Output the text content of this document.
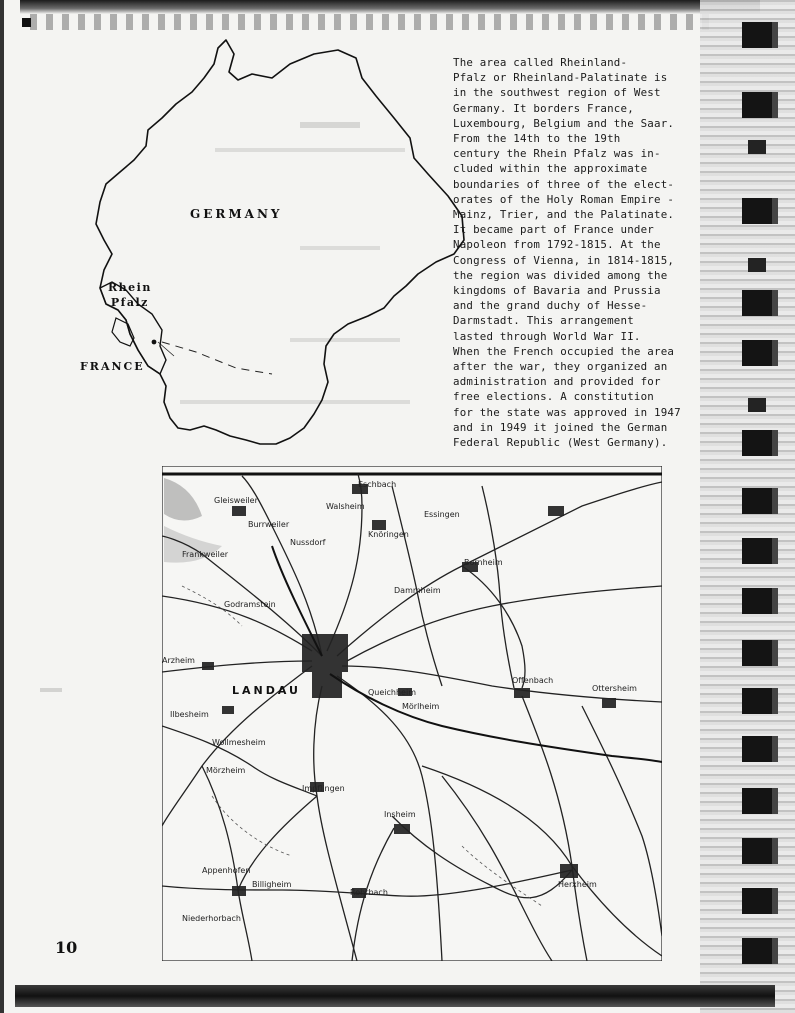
GERMANY
Rhein
Pfalz
FRANCE
The area called Rheinland-
Pfalz or Rheinland-Palatinate is
in the southwest region of West
Germany. It borders France,
Luxembourg, Belgium and the Saar.
From the 14th to the 19th
century the Rhein Pfalz was in-
cluded within the approximate
boundaries of three of the elect-
orates of the Holy Roman Empire -
Mainz, Trier, and the Palatinate.
It became part of France under
Napoleon from 1792-1815. At the
Congress of Vienna, in 1814-1815,
the region was divided among the
kingdoms of Bavaria and Prussia
and the grand duchy of Hesse-
Darmstadt. This arrangement
lasted through World War II.
When the French occupied the area
after the war, they organized an
administration and provided for
free elections. A constitution
for the state was approved in 1947
and in 1949 it joined the German
Federal Republic (West Germany).
Eschbach
Gleisweiler
Walsheim
Burrweiler
Nussdorf
Frankweiler
Knöringen
Essingen
Bornheim
Dammheim
Godramstein
Arzheim
LANDAU	Queichheim
Offenbach
Ottersheim
Mörlheim
Ilbesheim
Wollmesheim
Mörzheim
Impflingen
Insheim
Rohrbach
Herxheim
Billigheim
Appenhofen
Niederhorbach
10
